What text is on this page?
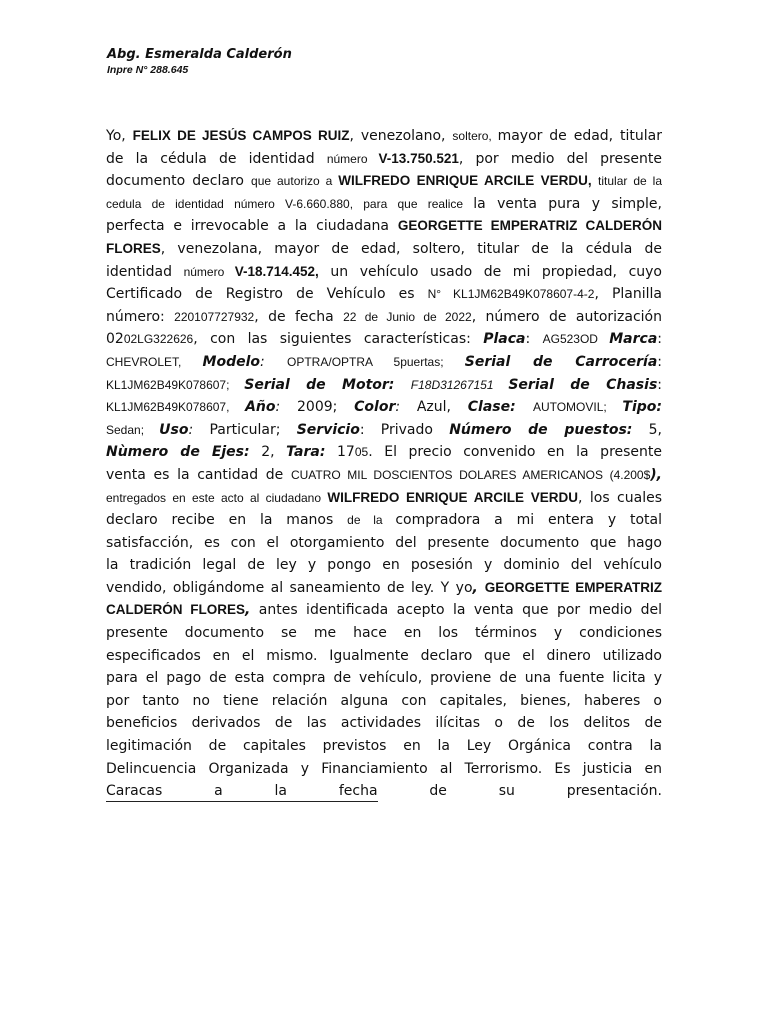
Abg. Esmeralda Calderón
Inpre N° 288.645
Yo, FELIX DE JESÚS CAMPOS RUIZ, venezolano, soltero, mayor de edad, titular
de la cédula de identidad número V-13.750.521, por medio del presente
documento declaro que autorizo a WILFREDO ENRIQUE ARCILE VERDU, titular de la
cedula de identidad número V-6.660.880, para que realice la venta pura y simple,
perfecta e irrevocable a la ciudadana GEORGETTE EMPERATRIZ CALDERÓN
FLORES, venezolana, mayor de edad, soltero, titular de la cédula de
identidad número V-18.714.452, un vehículo usado de mi propiedad, cuyo
Certificado de Registro de Vehículo es N° KL1JM62B49K078607-4-2, Planilla
número: 220107727932, de fecha 22 de Junio de 2022, número de autorización
0202LG322626, con las siguientes características: Placa: AG523OD Marca:
CHEVROLET, Modelo: OPTRA/OPTRA 5puertas; Serial de Carrocería:
KL1JM62B49K078607; Serial de Motor: F18D31267151 Serial de Chasis:
KL1JM62B49K078607, Año: 2009; Color: Azul, Clase: AUTOMOVIL; Tipo:
Sedan; Uso: Particular; Servicio: Privado Número de puestos: 5,
Nùmero de Ejes: 2, Tara: 1705. El precio convenido en la presente
venta es la cantidad de CUATRO MIL DOSCIENTOS DOLARES AMERICANOS (4.200$),
entregados en este acto al ciudadano WILFREDO ENRIQUE ARCILE VERDU, los cuales
declaro recibe en la manos de la compradora a mi entera y total
satisfacción, es con el otorgamiento del presente documento que hago
la tradición legal de ley y pongo en posesión y dominio del vehículo
vendido, obligándome al saneamiento de ley. Y yo, GEORGETTE EMPERATRIZ
CALDERÓN FLORES, antes identificada acepto la venta que por medio del
presente documento se me hace en los términos y condiciones
especificados en el mismo. Igualmente declaro que el dinero utilizado
para el pago de esta compra de vehículo, proviene de una fuente licita y
por tanto no tiene relación alguna con capitales, bienes, haberes o
beneficios derivados de las actividades ilícitas o de los delitos de
legitimación de capitales previstos en la Ley Orgánica contra la
Delincuencia Organizada y Financiamiento al Terrorismo. Es justicia en
Caracas a la fecha de su presentación.
